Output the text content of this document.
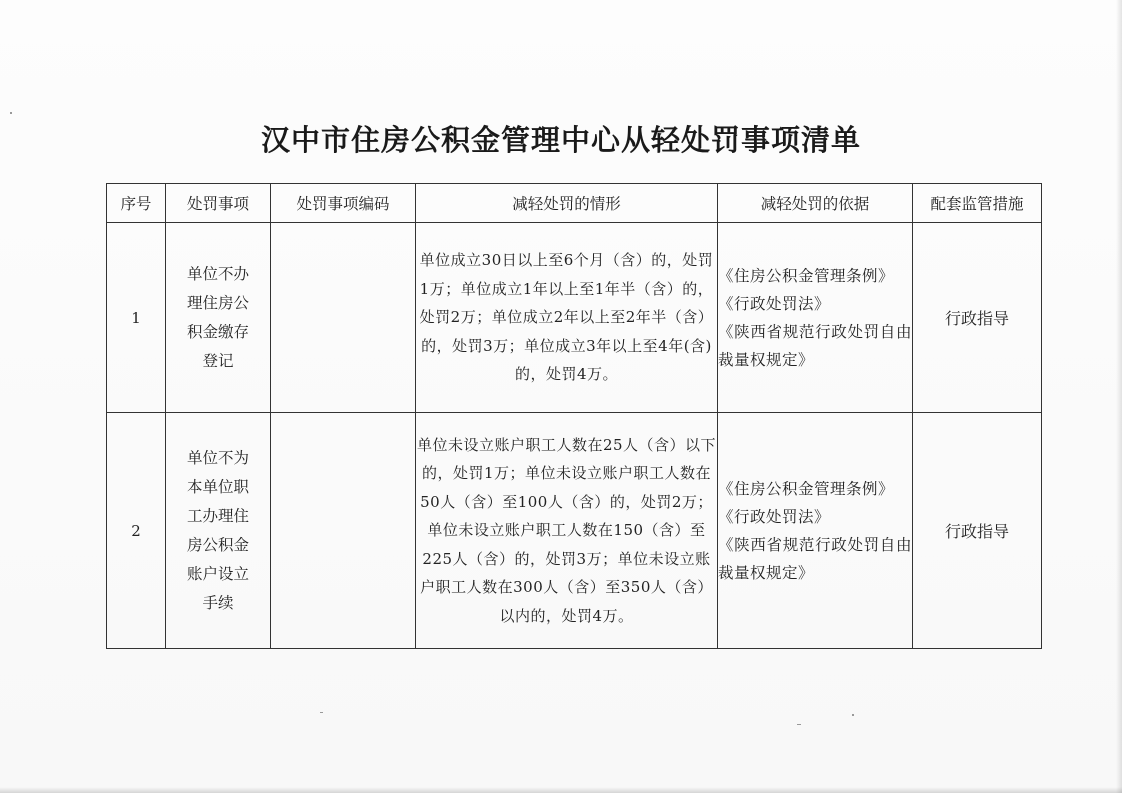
汉中市住房公积金管理中心从轻处罚事项清单
序号	处罚事项	处罚事项编码	减轻处罚的情形	减轻处罚的依据	配套监管措施
1	单位不办理住房公积金缴存登记		单位成立30日以上至6个月（含）的，处罚1万；单位成立1年以上至1年半（含）的，处罚2万；单位成立2年以上至2年半（含）的，处罚3万；单位成立3年以上至4年(含)的，处罚4万。	《住房公积金管理条例》
《行政处罚法》
《陕西省规范行政处罚自由裁量权规定》	行政指导
2	单位不为本单位职工办理住房公积金账户设立手续		单位未设立账户职工人数在25人（含）以下的，处罚1万；单位未设立账户职工人数在50人（含）至100人（含）的，处罚2万；单位未设立账户职工人数在150（含）至225人（含）的，处罚3万；单位未设立账户职工人数在300人（含）至350人（含）以内的，处罚4万。	《住房公积金管理条例》
《行政处罚法》
《陕西省规范行政处罚自由裁量权规定》	行政指导
